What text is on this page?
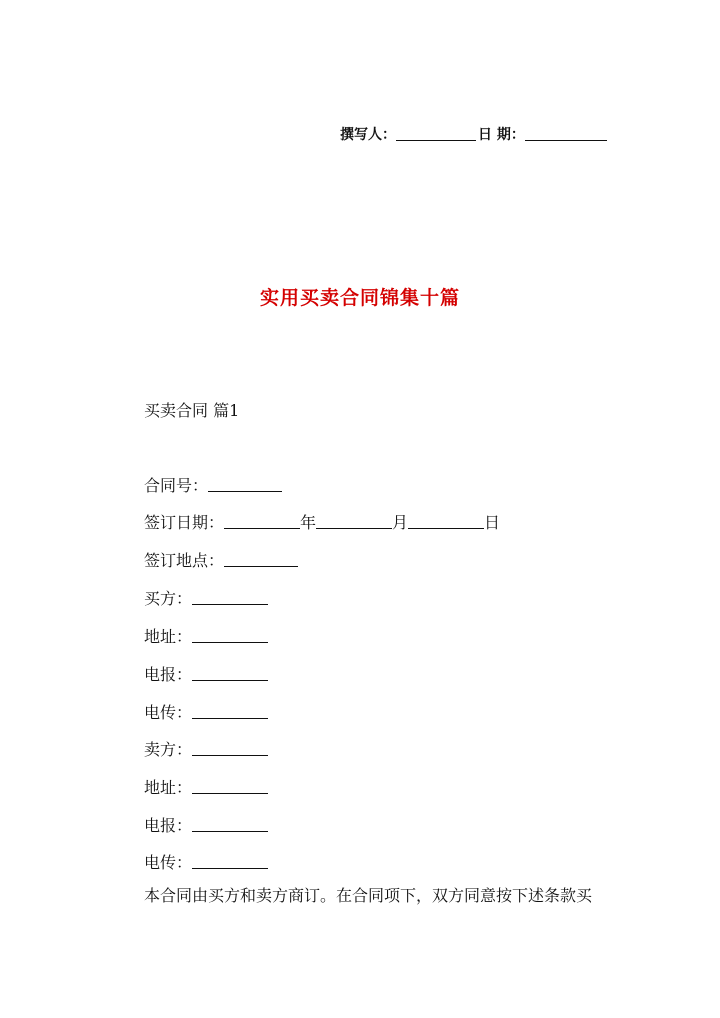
撰写人：	日 期：
实用买卖合同锦集十篇
买卖合同 篇1
合同号：
签订日期：	年	月	日
签订地点：
买方：
地址：
电报：
电传：
卖方：
地址：
电报：
电传：
本合同由买方和卖方商订。在合同项下，双方同意按下述条款买
